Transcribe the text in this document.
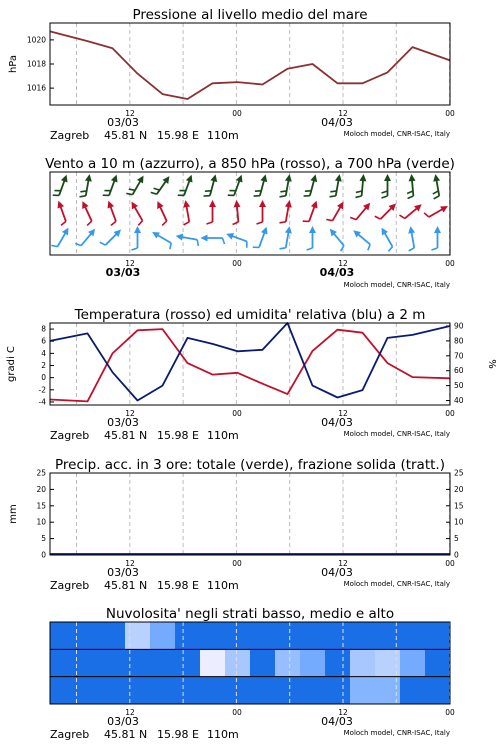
Pressione al livello medio del mare
hPa
1016
1018
1020
12	00	12	00
03/03	04/03
Zagreb 45.81 N 15.98 E 110m	Moloch model, CNR-ISAC, Italy
Vento a 10 m (azzurro), a 850 hPa (rosso), a 700 hPa (verde)
12	00	12	00
03/03	04/03
Moloch model, CNR-ISAC, Italy
Temperatura (rosso) ed umidita' relativa (blu) a 2 m
gradi C	%
-4
-2
0
2
4
6
8
40
50
60
70
80
90
12	00	12	00
03/03	04/03
Zagreb 45.81 N 15.98 E 110m	Moloch model, CNR-ISAC, Italy
Precip. acc. in 3 ore: totale (verde), frazione solida (tratt.)
mm
0	0
5	5
10	10
15	15
20	20
25	25
12	00	12	00
03/03	04/03
Zagreb 45.81 N 15.98 E 110m	Moloch model, CNR-ISAC, Italy
Nuvolosita' negli strati basso, medio e alto
12	00	12	00
03/03	04/03
Zagreb 45.81 N 15.98 E 110m	Moloch model, CNR-ISAC, Italy
